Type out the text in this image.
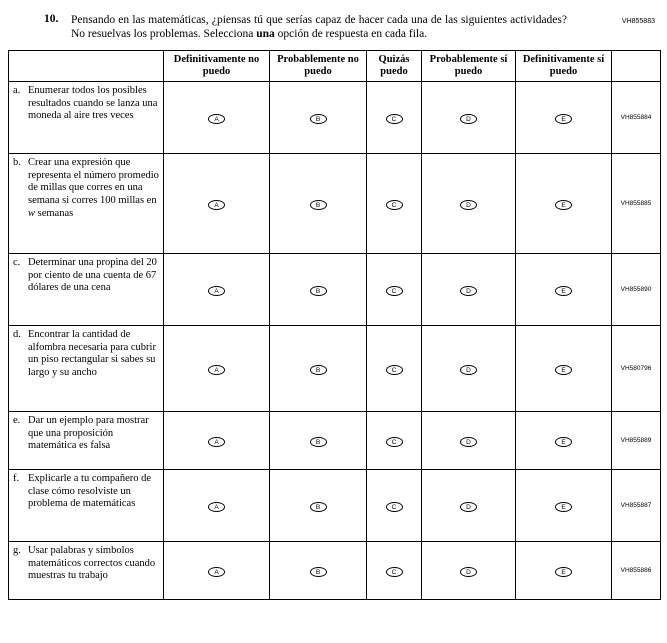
VH855883
10.	Pensando en las matemáticas, ¿piensas tú que serías capaz de hacer cada una de las siguientes actividades? No resuelvas los problemas. Selecciona una opción de respuesta en cada fila.
	Definitivamente no puedo	Probablemente no puedo	Quizás puedo	Probablemente sí puedo	Definitivamente sí puedo	

a. Enumerar todos los posibles resultados cuando se lanza una moneda al aire tres veces	A	B	C	D	E	VH855884

b. Crear una expresión que representa el número promedio de millas que corres en una semana si corres 100 millas en w semanas	A	B	C	D	E	VH855885

c. Determinar una propina del 20 por ciento de una cuenta de 67 dólares de una cena	A	B	C	D	E	VH855890

d. Encontrar la cantidad de alfombra necesaria para cubrir un piso rectangular si sabes su largo y su ancho	A	B	C	D	E	VH580796

e. Dar un ejemplo para mostrar que una proposición matemática es falsa	A	B	C	D	E	VH855889

f. Explicarle a tu compañero de clase cómo resolviste un problema de matemáticas	A	B	C	D	E	VH855887

g. Usar palabras y símbolos matemáticos correctos cuando muestras tu trabajo	A	B	C	D	E	VH855886
